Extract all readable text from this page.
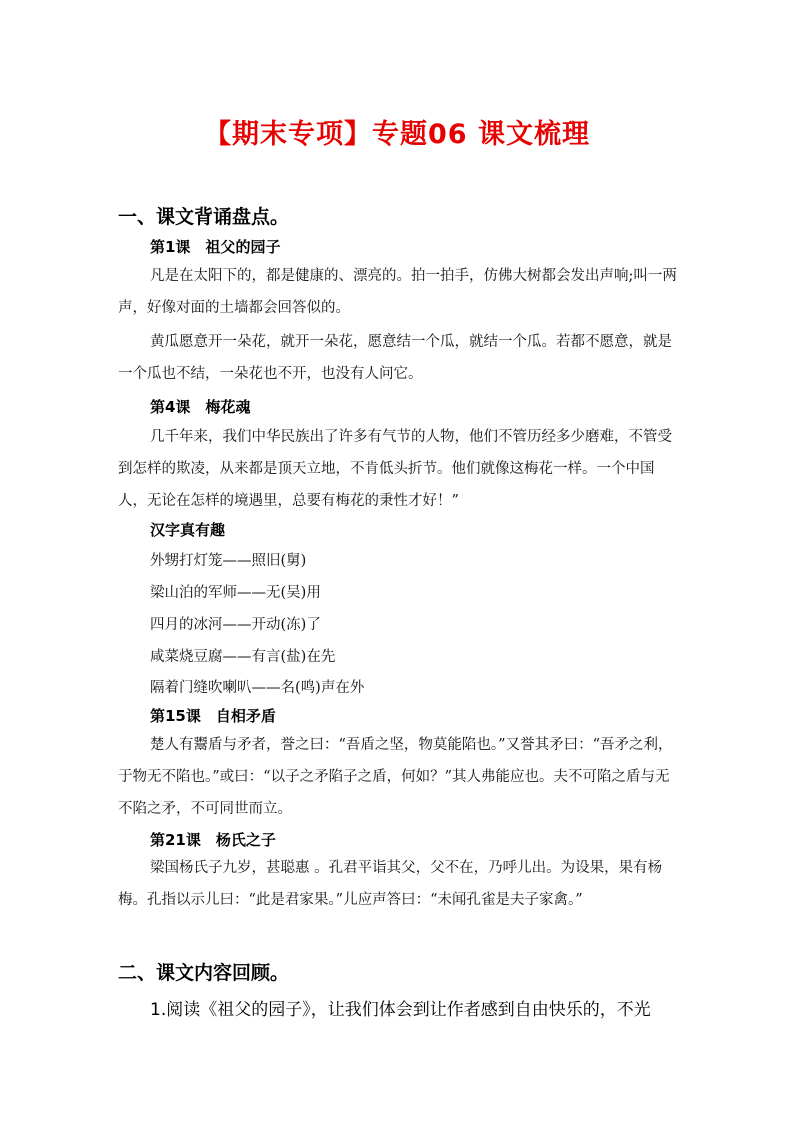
【期末专项】专题06 课文梳理
一、课文背诵盘点。
第1课　祖父的园子
凡是在太阳下的，都是健康的、漂亮的。拍一拍手，仿佛大树都会发出声响;叫一两声，好像对面的土墙都会回答似的。
黄瓜愿意开一朵花，就开一朵花，愿意结一个瓜，就结一个瓜。若都不愿意，就是一个瓜也不结，一朵花也不开，也没有人问它。
第4课　梅花魂
几千年来，我们中华民族出了许多有气节的人物，他们不管历经多少磨难，不管受到怎样的欺凌，从来都是顶天立地，不肯低头折节。他们就像这梅花一样。一个中国人，无论在怎样的境遇里，总要有梅花的秉性才好！”
汉字真有趣
外甥打灯笼——照旧(舅)
梁山泊的军师——无(吴)用
四月的冰河——开动(冻)了
咸菜烧豆腐——有言(盐)在先
隔着门缝吹喇叭——名(鸣)声在外
第15课　自相矛盾
楚人有鬻盾与矛者，誉之曰：“吾盾之坚，物莫能陷也。”又誉其矛曰：“吾矛之利，于物无不陷也。”或曰：“以子之矛陷子之盾，何如？”其人弗能应也。夫不可陷之盾与无不陷之矛，不可同世而立。
第21课　杨氏之子
梁国杨氏子九岁，甚聪惠 。孔君平诣其父，父不在，乃呼儿出。为设果，果有杨梅。孔指以示儿曰：“此是君家果。”儿应声答曰：“未闻孔雀是夫子家禽。”
二、课文内容回顾。
1.阅读《祖父的园子》，让我们体会到让作者感到自由快乐的，不光
